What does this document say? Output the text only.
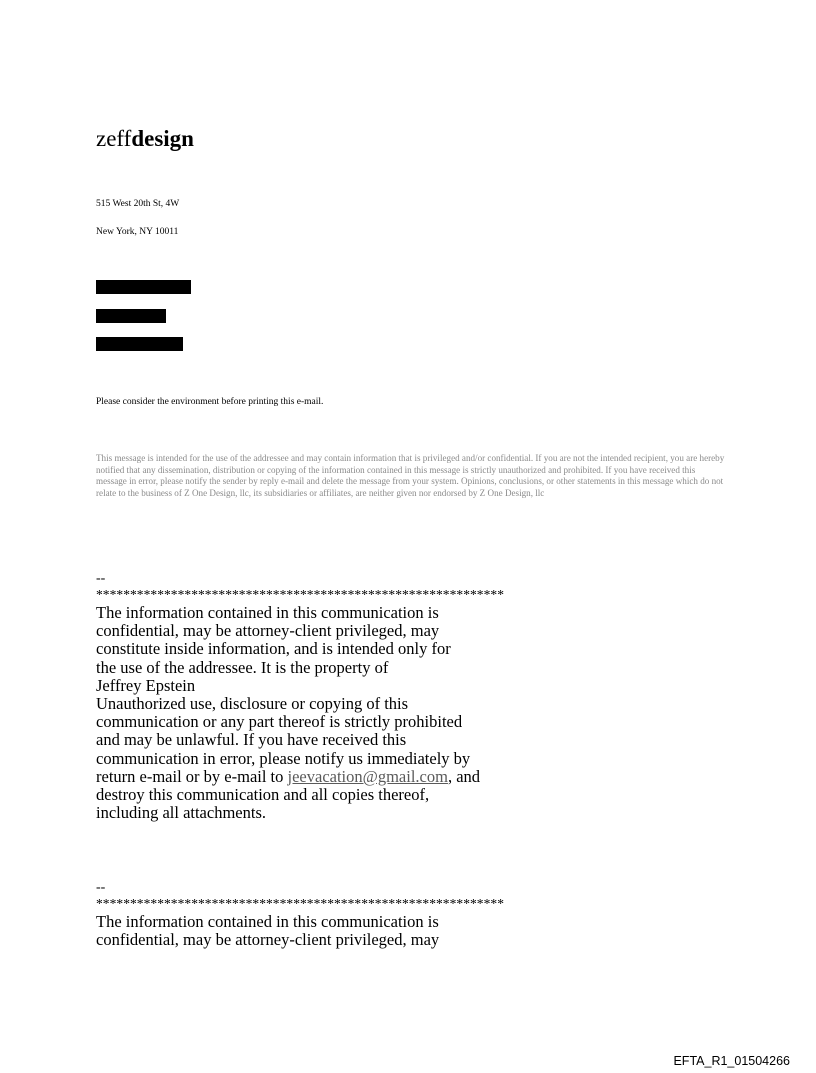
zeffdesign
515 West 20th St, 4W
New York, NY 10011
Please consider the environment before printing this e-mail.
This message is intended for the use of the addressee and may contain information that is privileged and/or confidential. If you are not the intended recipient, you are hereby notified that any dissemination, distribution or copying of the information contained in this message is strictly unauthorized and prohibited. If you have received this message in error, please notify the sender by reply e-mail and delete the message from your system. Opinions, conclusions, or other statements in this message which do not relate to the business of Z One Design, llc, its subsidiaries or affiliates, are neither given nor endorsed by Z One Design, llc
--
************************************************************
The information contained in this communication is
confidential, may be attorney-client privileged, may
constitute inside information, and is intended only for
the use of the addressee. It is the property of
Jeffrey Epstein
Unauthorized use, disclosure or copying of this
communication or any part thereof is strictly prohibited
and may be unlawful. If you have received this
communication in error, please notify us immediately by
return e-mail or by e-mail to jeevacation@gmail.com, and
destroy this communication and all copies thereof,
including all attachments.
--
************************************************************
The information contained in this communication is
confidential, may be attorney-client privileged, may
EFTA_R1_01504266
